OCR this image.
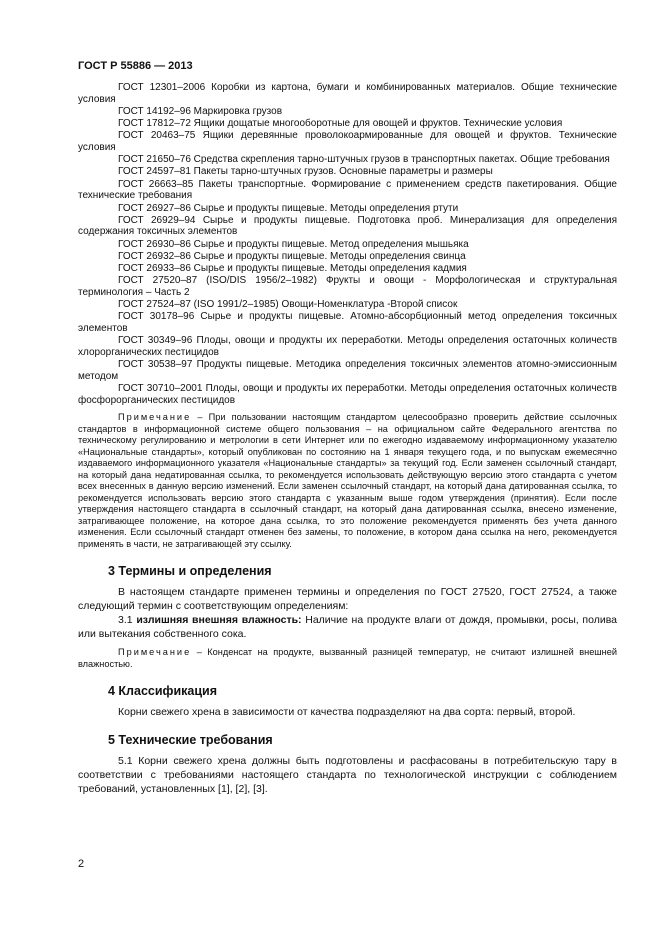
ГОСТ Р 55886 — 2013

ГОСТ 12301–2006 Коробки из картона, бумаги и комбинированных материалов. Общие технические условия

ГОСТ 14192–96 Маркировка грузов

ГОСТ 17812–72 Ящики дощатые многооборотные для овощей и фруктов. Технические условия

ГОСТ 20463–75 Ящики деревянные проволокоармированные для овощей и фруктов. Технические условия

ГОСТ 21650–76 Средства скрепления тарно-штучных грузов в транспортных пакетах. Общие требования

ГОСТ 24597–81 Пакеты тарно-штучных грузов. Основные параметры и размеры

ГОСТ 26663–85 Пакеты транспортные. Формирование с применением средств пакетирования. Общие технические требования

ГОСТ 26927–86 Сырье и продукты пищевые. Методы определения ртути

ГОСТ 26929–94 Сырье и продукты пищевые. Подготовка проб. Минерализация для определения содержания токсичных элементов

ГОСТ 26930–86 Сырье и продукты пищевые. Метод определения мышьяка

ГОСТ 26932–86 Сырье и продукты пищевые. Методы определения свинца

ГОСТ 26933–86 Сырье и продукты пищевые. Методы определения кадмия

ГОСТ 27520–87 (ISO/DIS 1956/2–1982) Фрукты и овощи - Морфологическая и структуральная терминология – Часть 2

ГОСТ 27524–87 (ISO 1991/2–1985) Овощи-Номенклатура -Второй список

ГОСТ 30178–96 Сырье и продукты пищевые. Атомно-абсорбционный метод определения токсичных элементов

ГОСТ 30349–96 Плоды, овощи и продукты их переработки. Методы определения остаточных количеств хлорорганических пестицидов

ГОСТ 30538–97 Продукты пищевые. Методика определения токсичных элементов атомно-эмиссионным методом

ГОСТ 30710–2001 Плоды, овощи и продукты их переработки. Методы определения остаточных количеств фосфорорганических пестицидов

Примечание – При пользовании настоящим стандартом целесообразно проверить действие ссылочных стандартов в информационной системе общего пользования – на официальном сайте Федерального агентства по техническому регулированию и метрологии в сети Интернет или по ежегодно издаваемому информационному указателю «Национальные стандарты», который опубликован по состоянию на 1 января текущего года, и по выпускам ежемесячно издаваемого информационного указателя «Национальные стандарты» за текущий год. Если заменен ссылочный стандарт, на который дана недатированная ссылка, то рекомендуется использовать действующую версию этого стандарта с учетом всех внесенных в данную версию изменений. Если заменен ссылочный стандарт, на который дана датированная ссылка, то рекомендуется использовать версию этого стандарта с указанным выше годом утверждения (принятия). Если после утверждения настоящего стандарта в ссылочный стандарт, на который дана датированная ссылка, внесено изменение, затрагивающее положение, на которое дана ссылка, то это положение рекомендуется применять без учета данного изменения. Если ссылочный стандарт отменен без замены, то положение, в котором дана ссылка на него, рекомендуется применять в части, не затрагивающей эту ссылку.
3 Термины и определения

В настоящем стандарте применен термины и определения по ГОСТ 27520, ГОСТ 27524, а также следующий термин с соответствующим определениям:

3.1 излишняя внешняя влажность: Наличие на продукте влаги от дождя, промывки, росы, полива или вытекания собственного сока.

Примечание – Конденсат на продукте, вызванный разницей температур, не считают излишней внешней влажностью.
4 Классификация

Корни свежего хрена в зависимости от качества подразделяют на два сорта: первый, второй.

5 Технические требования

5.1 Корни свежего хрена должны быть подготовлены и расфасованы в потребительскую тару в соответствии с требованиями настоящего стандарта по технологической инструкции с соблюдением требований, установленных [1], [2], [3].

2
